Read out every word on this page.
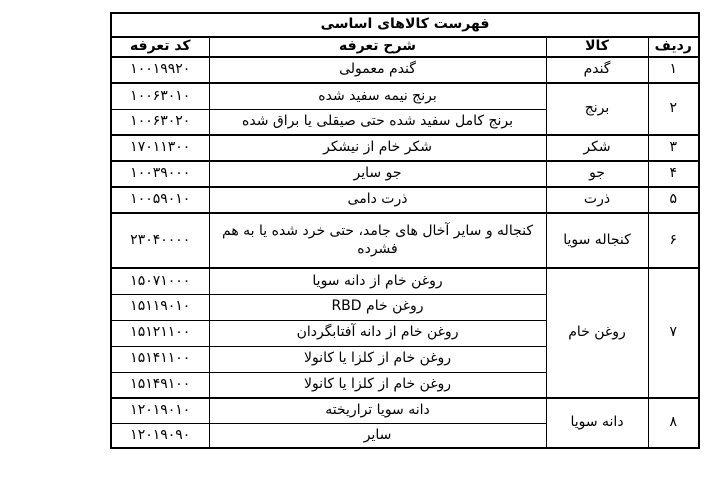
فهرست کالاهای اساسی			
ردیف	کالا	شرح تعرفه	کد تعرفه
۱	گندم	گندم معمولی	۱۰۰۱۹۹۲۰
۲	برنج	برنج نیمه سفید شده	۱۰۰۶۳۰۱۰
		برنج کامل سفید شده حتی صیقلی یا براق شده	۱۰۰۶۳۰۲۰
۳	شکر	شکر خام از نیشکر	۱۷۰۱۱۳۰۰
۴	جو	جو سایر	۱۰۰۳۹۰۰۰
۵	ذرت	ذرت دامی	۱۰۰۵۹۰۱۰
۶	کنجاله سویا	کنجاله و سایر آخال های جامد، حتی خرد شده یا به هم فشرده	۲۳۰۴۰۰۰۰
۷	روغن خام	روغن خام از دانه سویا	۱۵۰۷۱۰۰۰
		روغن خام RBD	۱۵۱۱۹۰۱۰
		روغن خام از دانه آفتابگردان	۱۵۱۲۱۱۰۰
		روغن خام از کلزا یا کانولا	۱۵۱۴۱۱۰۰
		روغن خام از کلزا یا کانولا	۱۵۱۴۹۱۰۰
۸	دانه سویا	دانه سویا تراریخته	۱۲۰۱۹۰۱۰
		سایر	۱۲۰۱۹۰۹۰
